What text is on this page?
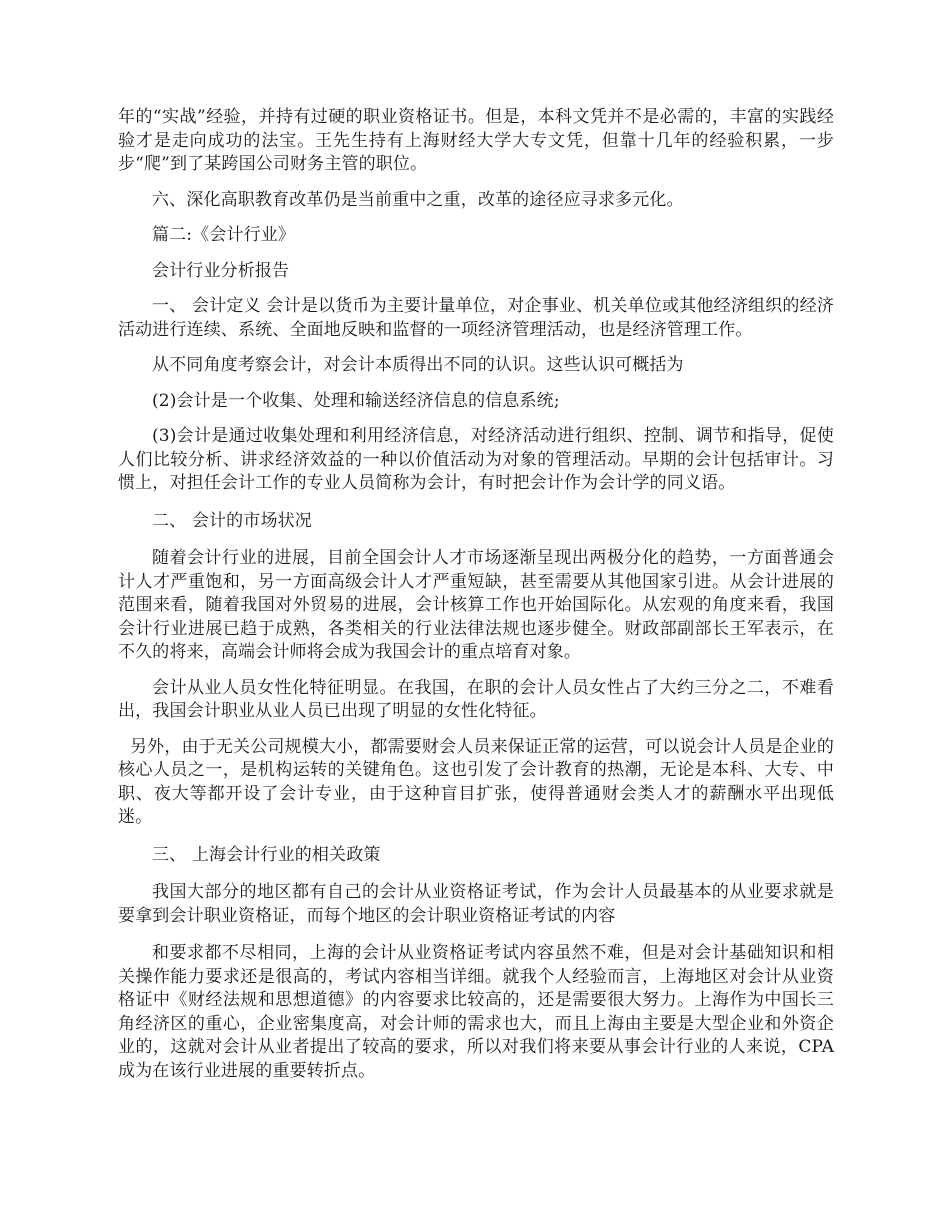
年的“实战”经验，并持有过硬的职业资格证书。但是，本科文凭并不是必需的，丰富的实践经验才是走向成功的法宝。王先生持有上海财经大学大专文凭，但靠十几年的经验积累，一步步“爬”到了某跨国公司财务主管的职位。

六、深化高职教育改革仍是当前重中之重，改革的途径应寻求多元化。

篇二:《会计行业》

会计行业分析报告

一、 会计定义 会计是以货币为主要计量单位，对企事业、机关单位或其他经济组织的经济活动进行连续、系统、全面地反映和监督的一项经济管理活动，也是经济管理工作。

从不同角度考察会计，对会计本质得出不同的认识。这些认识可概括为

(2)会计是一个收集、处理和输送经济信息的信息系统;

(3)会计是通过收集处理和利用经济信息，对经济活动进行组织、控制、调节和指导，促使人们比较分析、讲求经济效益的一种以价值活动为对象的管理活动。早期的会计包括审计。习惯上，对担任会计工作的专业人员简称为会计，有时把会计作为会计学的同义语。

二、 会计的市场状况

随着会计行业的进展，目前全国会计人才市场逐渐呈现出两极分化的趋势，一方面普通会计人才严重饱和，另一方面高级会计人才严重短缺，甚至需要从其他国家引进。从会计进展的范围来看，随着我国对外贸易的进展，会计核算工作也开始国际化。从宏观的角度来看，我国会计行业进展已趋于成熟，各类相关的行业法律法规也逐步健全。财政部副部长王军表示，在不久的将来，高端会计师将会成为我国会计的重点培育对象。

会计从业人员女性化特征明显。在我国，在职的会计人员女性占了大约三分之二，不难看出，我国会计职业从业人员已出现了明显的女性化特征。

另外，由于无关公司规模大小，都需要财会人员来保证正常的运营，可以说会计人员是企业的核心人员之一，是机构运转的关键角色。这也引发了会计教育的热潮，无论是本科、大专、中职、夜大等都开设了会计专业，由于这种盲目扩张，使得普通财会类人才的薪酬水平出现低迷。

三、 上海会计行业的相关政策

我国大部分的地区都有自己的会计从业资格证考试，作为会计人员最基本的从业要求就是要拿到会计职业资格证，而每个地区的会计职业资格证考试的内容

和要求都不尽相同，上海的会计从业资格证考试内容虽然不难，但是对会计基础知识和相关操作能力要求还是很高的，考试内容相当详细。就我个人经验而言，上海地区对会计从业资格证中《财经法规和思想道德》的内容要求比较高的，还是需要很大努力。上海作为中国长三角经济区的重心，企业密集度高，对会计师的需求也大，而且上海由主要是大型企业和外资企业的，这就对会计从业者提出了较高的要求，所以对我们将来要从事会计行业的人来说，CPA 成为在该行业进展的重要转折点。
